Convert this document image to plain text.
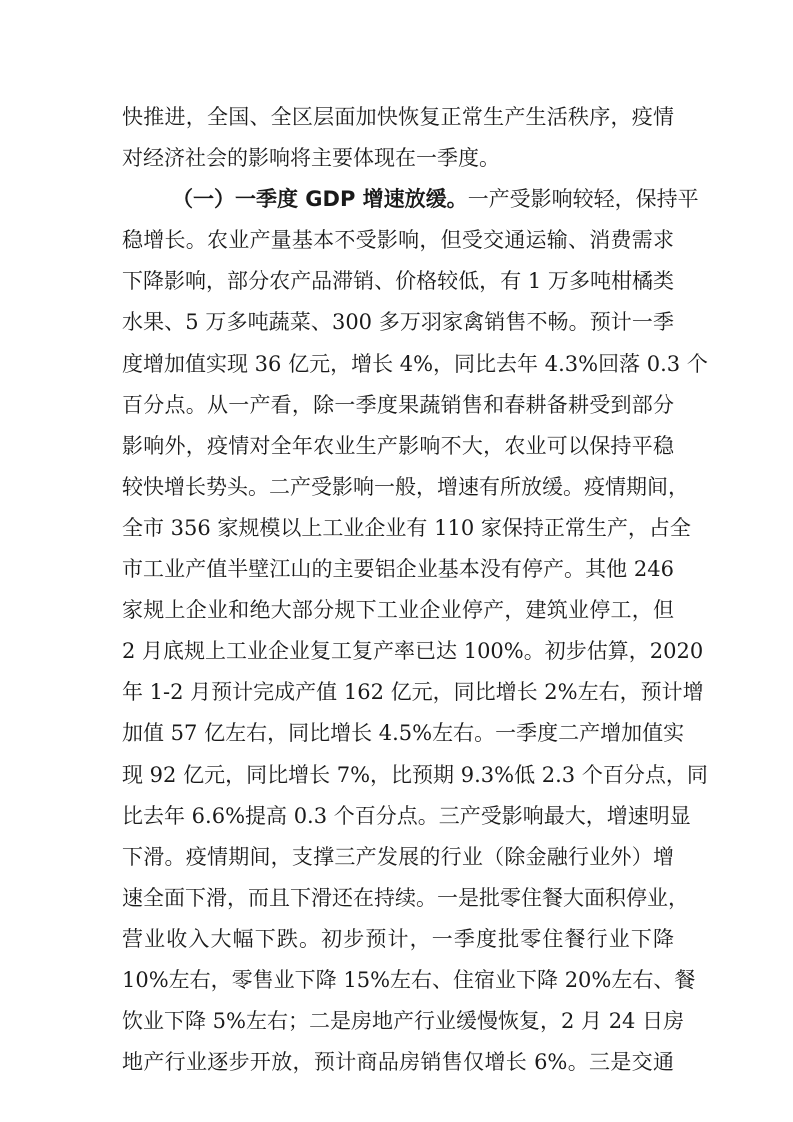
快推进，全国、全区层面加快恢复正常生产生活秩序，疫情
对经济社会的影响将主要体现在一季度。
（一）一季度 GDP 增速放缓。一产受影响较轻，保持平
稳增长。农业产量基本不受影响，但受交通运输、消费需求
下降影响，部分农产品滞销、价格较低，有 1 万多吨柑橘类
水果、5 万多吨蔬菜、300 多万羽家禽销售不畅。预计一季
度增加值实现 36 亿元，增长 4%，同比去年 4.3%回落 0.3 个
百分点。从一产看，除一季度果蔬销售和春耕备耕受到部分
影响外，疫情对全年农业生产影响不大，农业可以保持平稳
较快增长势头。二产受影响一般，增速有所放缓。疫情期间，
全市 356 家规模以上工业企业有 110 家保持正常生产，占全
市工业产值半壁江山的主要铝企业基本没有停产。其他 246
家规上企业和绝大部分规下工业企业停产，建筑业停工，但
2 月底规上工业企业复工复产率已达 100%。初步估算，2020
年 1-2 月预计完成产值 162 亿元，同比增长 2%左右，预计增
加值 57 亿左右，同比增长 4.5%左右。一季度二产增加值实
现 92 亿元，同比增长 7%，比预期 9.3%低 2.3 个百分点，同
比去年 6.6%提高 0.3 个百分点。三产受影响最大，增速明显
下滑。疫情期间，支撑三产发展的行业（除金融行业外）增
速全面下滑，而且下滑还在持续。一是批零住餐大面积停业，
营业收入大幅下跌。初步预计，一季度批零住餐行业下降
10%左右，零售业下降 15%左右、住宿业下降 20%左右、餐
饮业下降 5%左右；二是房地产行业缓慢恢复，2 月 24 日房
地产行业逐步开放，预计商品房销售仅增长 6%。三是交通
